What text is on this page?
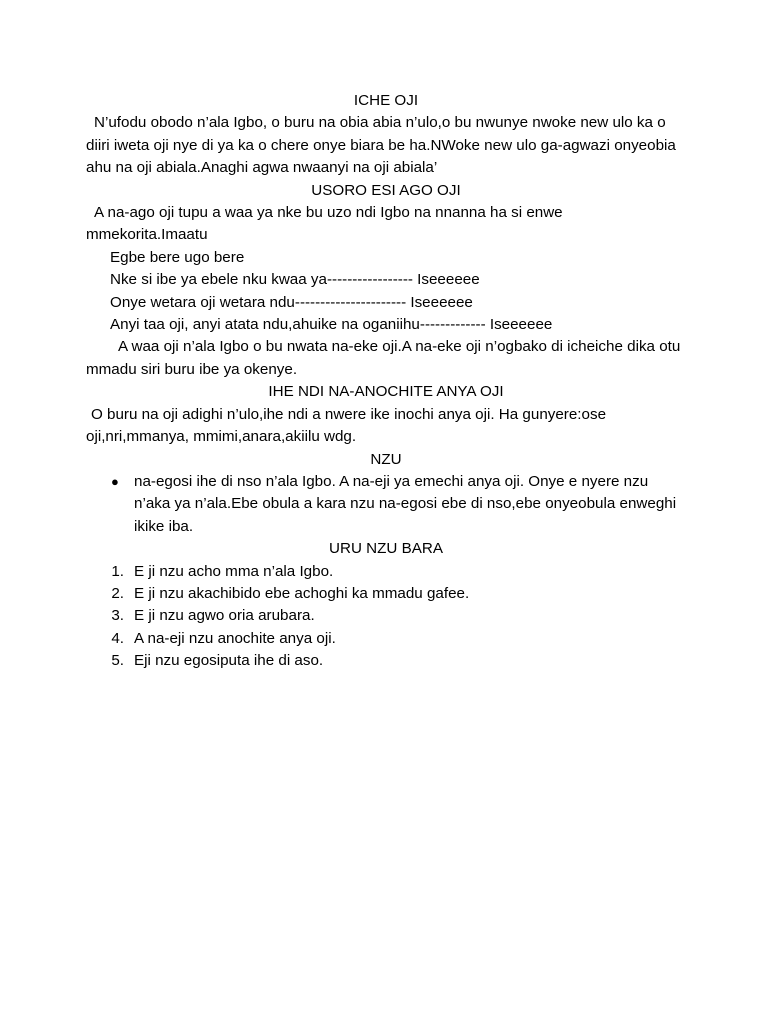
ICHE OJI

N’ufodu obodo n’ala Igbo, o buru na obia abia n’ulo,o bu nwunye nwoke new ulo ka o diiri iweta oji nye di ya ka o chere onye biara be ha.NWoke new ulo ga-agwazi onyeobia ahu na oji abiala.Anaghi agwa nwaanyi na oji abiala’

USORO ESI AGO OJI

A na-ago oji tupu a waa ya nke bu uzo ndi Igbo na nnanna ha si enwe mmekorita.Imaatu

Egbe bere ugo bere

Nke si ibe ya ebele nku kwaa ya----------------- Iseeeeee

Onye wetara oji wetara ndu---------------------- Iseeeeee

Anyi taa oji, anyi atata ndu,ahuike na oganiihu------------- Iseeeeee

A waa oji n’ala Igbo o bu nwata na-eke oji.A na-eke oji n’ogbako di icheiche dika otu mmadu siri buru ibe ya okenye.

IHE NDI NA-ANOCHITE ANYA OJI

O buru na oji adighi n’ulo,ihe ndi a nwere ike inochi anya oji. Ha gunyere:ose oji,nri,mmanya, mmimi,anara,akiilu wdg.

NZU

● na-egosi ihe di nso n’ala Igbo. A na-eji ya emechi anya oji. Onye e nyere nzu n’aka ya n’ala.Ebe obula a kara nzu na-egosi ebe di nso,ebe onyeobula enweghi ikike iba.

URU NZU BARA

1. E ji nzu acho mma n’ala Igbo.
2. E ji nzu akachibido ebe achoghi ka mmadu gafee.
3. E ji nzu agwo oria arubara.
4. A na-eji nzu anochite anya oji.
5. Eji nzu egosiputa ihe di aso.
